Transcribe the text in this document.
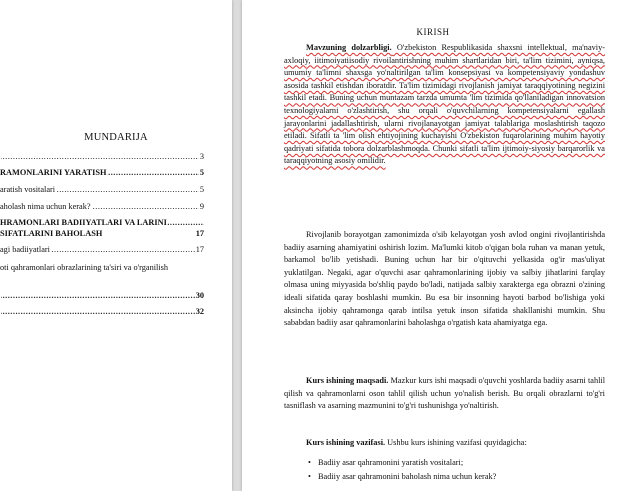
MUNDARIJA
..... 3
..... RAMONLARINI YARATISH	5
..... aratish vositalari	5
..... aholash nima uchun kerak?	9
..... HRAMONLARI BADIIYATLARI VA LARINI SIFATLARINI BAHOLASH	17
..... agi badiiyatlari	17
oti qahramonlari obrazlarining ta'siri va o'rganilish
..... 30
..... 32
KIRISH
Mavzuning dolzarbligi. O'zbekiston Respublikasida shaxsni intellektual, ma'naviy-axloqiy, iitimoiyatiisodiy rivoilantirishning muhim shartlaridan biri, ta'lim tizimini, ayniqsa, umumiy ta'limni shaxsga yo'naltirilgan ta'lim konsepsiyasi va kompetensiyaviy yondashuv asosida tashkil etishdan iboratdir. Ta'lim tizimidagi rivojlanish jamiyat taraqqiyotining negizini tashkil etadi. Buning uchun muntazam tarzda umumta 'lim tizimida qo'llaniladigan innovatsion texnologiyalarni o'zlashtirish, shu orqali o'quvchilarning kompetensiyalarni egallash jarayonlarini jadallashtirish, ularni rivojlanayotgan jamiyat talablariga moslashtirish taqozo etiladi. Sifatli ta 'lim olish ehtiyojining kuchayishi O'zbekiston fuqarolarining muhim hayotiy qadriyati sifatida tobora dolzarblashmoqda. Chunki sifatli ta'lim ijtimoiy-siyosiy barqarorlik va taraqqiyotning asosiy omilidir.
Rivojlanib borayotgan zamonimizda o'sib kelayotgan yosh avlod ongini rivojlantirishda badiiy asarning ahamiyatini oshirish lozim. Ma'lumki kitob o'qigan bola ruhan va manan yetuk, barkamol bo'lib yetishadi. Buning uchun har bir o'qituvchi yelkasida og'ir mas'uliyat yuklatilgan. Negaki, agar o'quvchi asar qahramonlarining ijobiy va salbiy jihatlarini farqlay olmasa uning miyyasida bo'shliq paydo bo'ladi, natijada salbiy xarakterga ega obrazni o'zining ideali sifatida qaray boshlashi mumkin. Bu esa bir insonning hayoti barbod bo'lishiga yoki aksincha ijobiy qahramonga qarab intilsa yetuk inson sifatida shakllanishi mumkin. Shu sababdan badiiy asar qahramonlarini baholashga o'rgatish kata ahamiyatga ega.
Kurs ishining maqsadi. Mazkur kurs ishi maqsadi o'quvchi yoshlarda badiiy asarni tahlil qilish va qahramonlarni oson tahlil qilish uchun yo'nalish berish. Bu orqali obrazlarni to'g'ri tasniflash va asarning mazmunini to'g'ri tushunishga yo'naltirish.
Kurs ishining vazifasi. Ushbu kurs ishining vazifasi quyidagicha:
• Badiiy asar qahramonini yaratish vositalari;
• Badiiy asar qahramonini baholash nima uchun kerak?
